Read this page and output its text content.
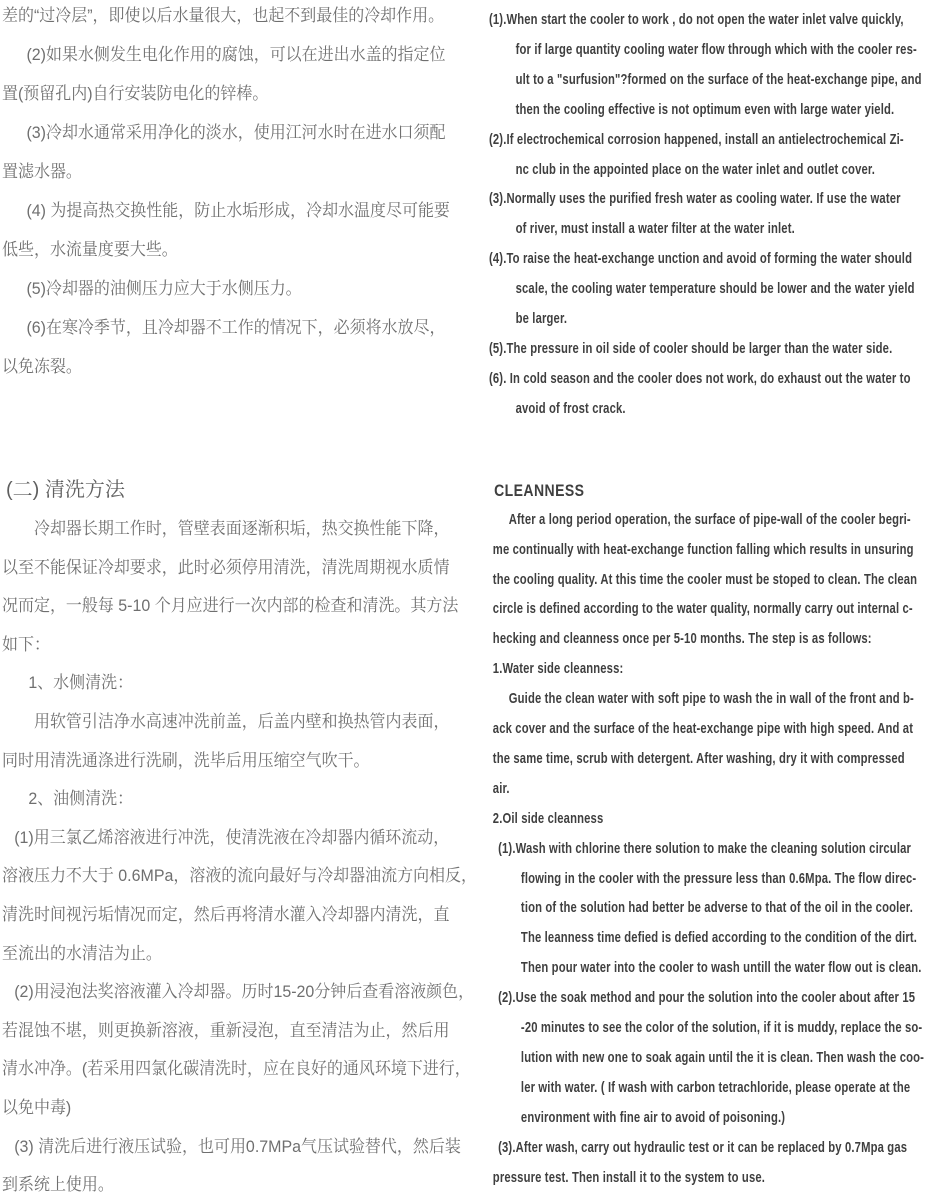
差的“过冷层”，即使以后水量很大，也起不到最佳的冷却作用。
(2)如果水侧发生电化作用的腐蚀，可以在进出水盖的指定位
置(预留孔内)自行安装防电化的锌棒。
(3)冷却水通常采用净化的淡水，使用江河水时在进水口须配
置滤水器。
(4) 为提高热交换性能，防止水垢形成，冷却水温度尽可能要
低些，水流量度要大些。
(5)冷却器的油侧压力应大于水侧压力。
(6)在寒冷季节，且冷却器不工作的情况下，必须将水放尽，
以免冻裂。
(二) 清洗方法
冷却器长期工作时，管壁表面逐渐积垢，热交换性能下降，
以至不能保证冷却要求，此时必须停用清洗，清洗周期视水质情
况而定，一般每 5-10 个月应进行一次内部的检查和清洗。其方法
如下：
1、水侧清洗：
用软管引洁净水高速冲洗前盖，后盖内壁和换热管内表面，
同时用清洗通涤进行洗刷，洗毕后用压缩空气吹干。
2、油侧清洗：
(1)用三氯乙烯溶液进行冲洗，使清洗液在冷却器内循环流动，
溶液压力不大于 0.6MPa，溶液的流向最好与冷却器油流方向相反，
清洗时间视污垢情况而定，然后再将清水灌入冷却器内清洗，直
至流出的水清洁为止。
(2)用浸泡法奖溶液灌入冷却器。历时15-20分钟后查看溶液颜色，
若混蚀不堪，则更换新溶液，重新浸泡，直至清洁为止，然后用
清水冲净。(若采用四氯化碳清洗时，应在良好的通风环境下进行，
以免中毒)
(3) 清洗后进行液压试验，也可用0.7MPa气压试验替代，然后装
到系统上使用。
(1).When start the cooler to work , do not open the water inlet valve quickly,
for if large quantity cooling water flow through which with the cooler res-
ult to a "surfusion"?formed on the surface of the heat-exchange pipe, and
then the cooling effective is not optimum even with large water yield.
(2).If electrochemical corrosion happened, install an antielectrochemical Zi-
nc club in the appointed place on the water inlet and outlet cover.
(3).Normally uses the purified fresh water as cooling water. If use the water
of river, must install a water filter at the water inlet.
(4).To raise the heat-exchange unction and avoid of forming the water should
scale, the cooling water temperature should be lower and the water yield
be larger.
(5).The pressure in oil side of cooler should be larger than the water side.
(6). In cold season and the cooler does not work, do exhaust out the water to
avoid of frost crack.
CLEANNESS
After a long period operation, the surface of pipe-wall of the cooler begri-
me continually with heat-exchange function falling which results in unsuring
the cooling quality. At this time the cooler must be stoped to clean. The clean
circle is defined according to the water quality, normally carry out internal c-
hecking and cleanness once per 5-10 months. The step is as follows:
1.Water side cleanness:
Guide the clean water with soft pipe to wash the in wall of the front and b-
ack cover and the surface of the heat-exchange pipe with high speed. And at
the same time, scrub with detergent. After washing, dry it with compressed
air.
2.Oil side cleanness
(1).Wash with chlorine there solution to make the cleaning solution circular
flowing in the cooler with the pressure less than 0.6Mpa. The flow direc-
tion of the solution had better be adverse to that of the oil in the cooler.
The leanness time defied is defied according to the condition of the dirt.
Then pour water into the cooler to wash untill the water flow out is clean.
(2).Use the soak method and pour the solution into the cooler about after 15
-20 minutes to see the color of the solution, if it is muddy, replace the so-
lution with new one to soak again until the it is clean. Then wash the coo-
ler with water. ( If wash with carbon tetrachloride, please operate at the
environment with fine air to avoid of poisoning.)
(3).After wash, carry out hydraulic test or it can be replaced by 0.7Mpa gas
pressure test. Then install it to the system to use.
